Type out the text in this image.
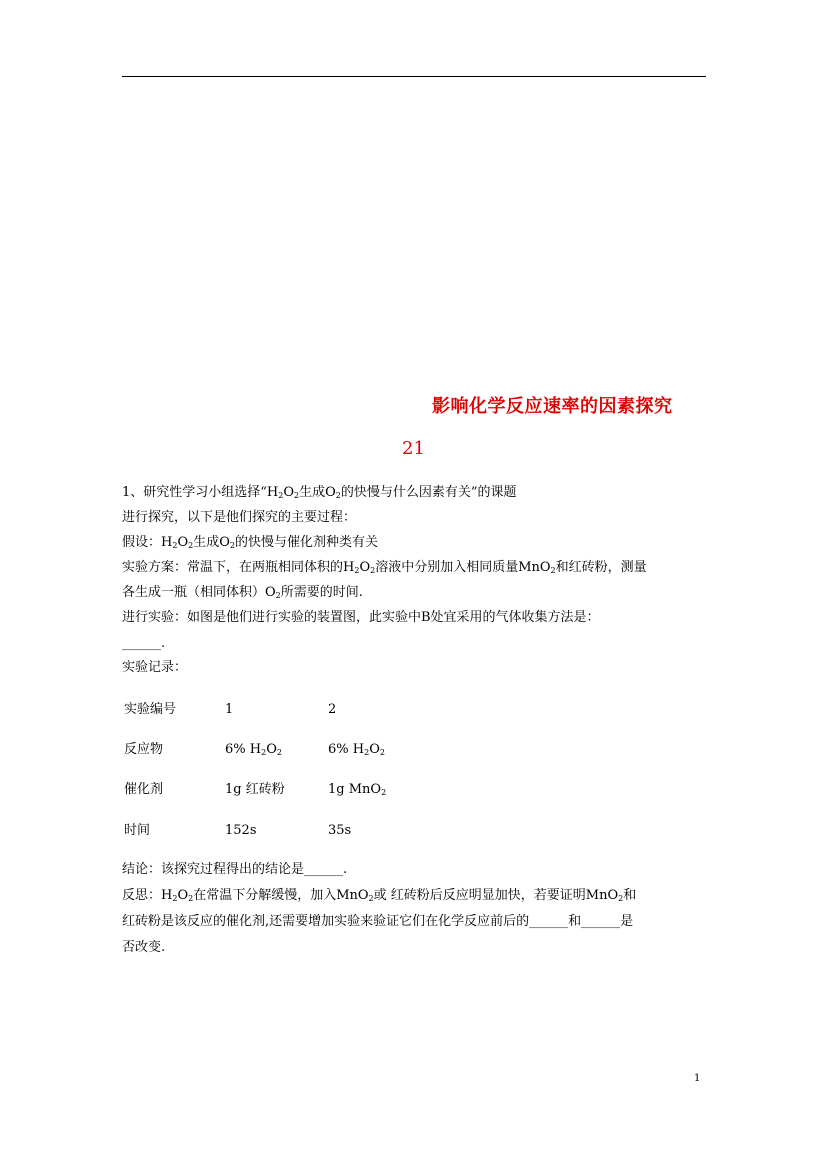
影响化学反应速率的因素探究
21
1、研究性学习小组选择“$H_2O_2$生成$O_2$的快慢与什么因素有关”的课题
进行探究，以下是他们探究的主要过程：
假设：$H_2O_2$生成$O_2$的快慢与催化剂种类有关
实验方案：常温下，在两瓶相同体积的$H_2O_2$溶液中分别加入相同质量MnO$_2$和红砖粉，测量
各生成一瓶（相同体积）$O_2$所需要的时间.
进行实验：如图是他们进行实验的装置图，此实验中B处宜采用的气体收集方法是：
______.
实验记录：
实验编号	1	2
反应物	6% $H_2O_2$	6% $H_2O_2$
催化剂	1g 红砖粉	1g MnO$_2$
时间	152s	35s
结论：该探究过程得出的结论是______.
反思：$H_2O_2$在常温下分解缓慢，加入MnO$_2$或 红砖粉后反应明显加快，若要证明MnO$_2$和
红砖粉是该反应的催化剂,还需要增加实验来验证它们在化学反应前后的______和______是
否改变.
1
